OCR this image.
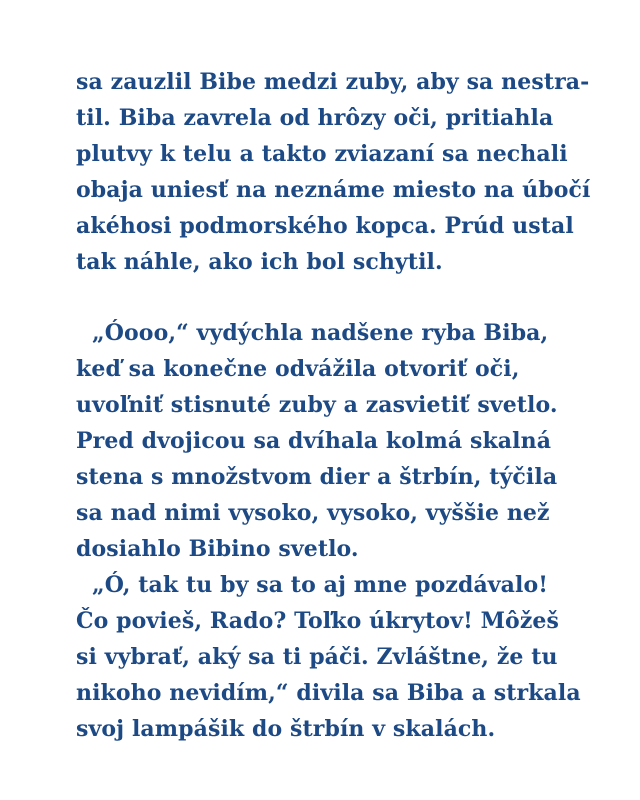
sa zauzlil Bibe medzi zuby, aby sa nestra-
til. Biba zavrela od hrôzy oči, pritiahla
plutvy k telu a takto zviazaní sa nechali
obaja uniesť na neznáme miesto na úbočí
akéhosi podmorského kopca. Prúd ustal
tak náhle, ako ich bol schytil.
„Óooo,“ vydýchla nadšene ryba Biba,
keď sa konečne odvážila otvoriť oči,
uvoľniť stisnuté zuby a zasvietiť svetlo.
Pred dvojicou sa dvíhala kolmá skalná
stena s množstvom dier a štrbín, týčila
sa nad nimi vysoko, vysoko, vyššie než
dosiahlo Bibino svetlo.
„Ó, tak tu by sa to aj mne pozdávalo!
Čo povieš, Rado? Toľko úkrytov! Môžeš
si vybrať, aký sa ti páči. Zvláštne, že tu
nikoho nevidím,“ divila sa Biba a strkala
svoj lampášik do štrbín v skalách.
